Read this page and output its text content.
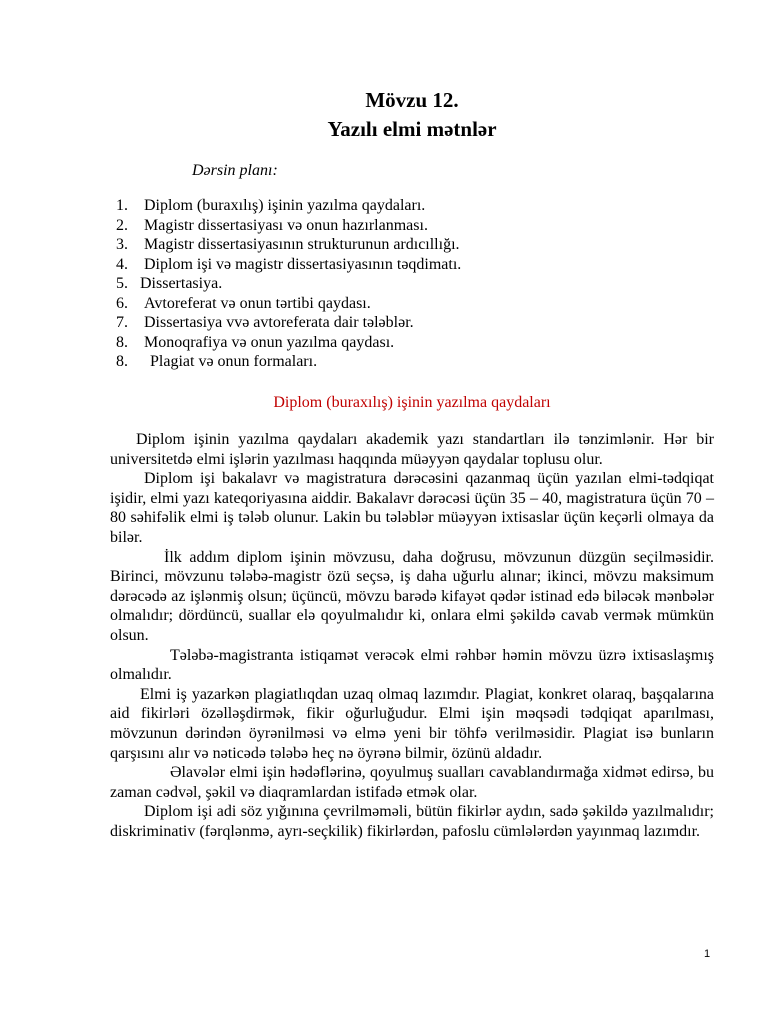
Mövzu 12.
Yazılı elmi mətnlər
Dərsin planı:
1.	Diplom (buraxılış) işinin yazılma qaydaları.
2.	Magistr dissertasiyası və onun hazırlanması.
3.	Magistr dissertasiyasının strukturunun ardıcıllığı.
4.	Diplom işi və magistr dissertasiyasının təqdimatı.
5. Dissertasiya.
6.	Avtoreferat və onun tərtibi qaydası.
7.	Dissertasiya vvə avtoreferata dair tələblər.
8.	Monoqrafiya və onun yazılma qaydası.
8.	Plagiat və onun formaları.
Diplom (buraxılış) işinin yazılma qaydaları

Diplom işinin yazılma qaydaları akademik yazı standartları ilə tənzimlənir. Hər bir universitetdə elmi işlərin yazılması haqqında müəyyən qaydalar toplusu olur.

Diplom işi bakalavr və magistratura dərəcəsini qazanmaq üçün yazılan elmi-tədqiqat işidir, elmi yazı kateqoriyasına aiddir. Bakalavr dərəcəsi üçün 35 – 40, magistratura üçün 70 – 80 səhifəlik elmi iş tələb olunur. Lakin bu tələblər müəyyən ixtisaslar üçün keçərli olmaya da bilər.

İlk addım diplom işinin mövzusu, daha doğrusu, mövzunun düzgün seçilməsidir. Birinci, mövzunu tələbə-magistr özü seçsə, iş daha uğurlu alınar; ikinci, mövzu maksimum dərəcədə az işlənmiş olsun; üçüncü, mövzu barədə kifayət qədər istinad edə biləcək mənbələr olmalıdır; dördüncü, suallar elə qoyulmalıdır ki, onlara elmi şəkildə cavab vermək mümkün olsun.

Tələbə-magistranta istiqamət verəcək elmi rəhbər həmin mövzu üzrə ixtisaslaşmış olmalıdır.

Elmi iş yazarkən plagiatlıqdan uzaq olmaq lazımdır. Plagiat, konkret olaraq, başqalarına aid fikirləri özəlləşdirmək, fikir oğurluğudur. Elmi işin məqsədi tədqiqat aparılması, mövzunun dərindən öyrənilməsi və elmə yeni bir töhfə verilməsidir. Plagiat isə bunların qarşısını alır və nəticədə tələbə heç nə öyrənə bilmir, özünü aldadır.

Əlavələr elmi işin hədəflərinə, qoyulmuş sualları cavablandırmağa xidmət edirsə, bu zaman cədvəl, şəkil və diaqramlardan istifadə etmək olar.

Diplom işi adi söz yığınına çevrilməməli, bütün fikirlər aydın, sadə şəkildə yazılmalıdır; diskriminativ (fərqlənmə, ayrı-seçkilik) fikirlərdən, pafoslu cümlələrdən yayınmaq lazımdır.

1
